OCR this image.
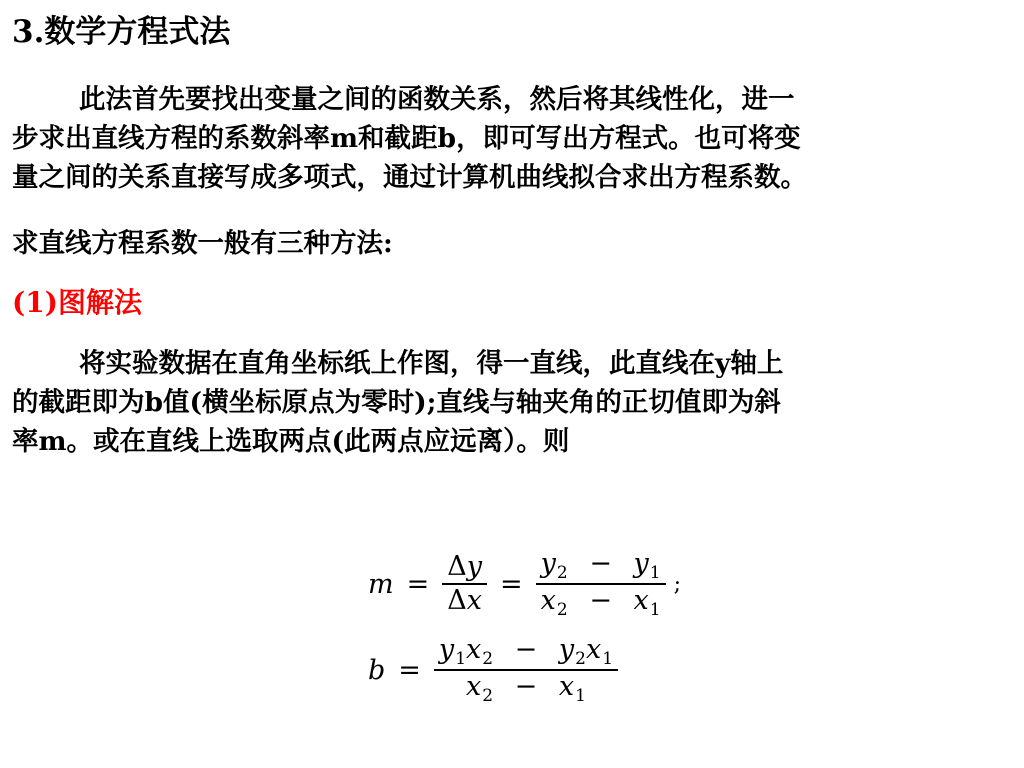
3.数学方程式法
此法首先要找出变量之间的函数关系，然后将其线性化，进一
步求出直线方程的系数斜率m和截距b，即可写出方程式。也可将变
量之间的关系直接写成多项式，通过计算机曲线拟合求出方程系数。
求直线方程系数一般有三种方法:
(1)图解法
将实验数据在直角坐标纸上作图，得一直线，此直线在y轴上
的截距即为b值(横坐标原点为零时);直线与轴夹角的正切值即为斜
率m。或在直线上选取两点(此两点应远离）。则
$m = \frac{\Delta y}{\Delta x} = \frac{y_2 - y_1}{x_2 - x_1}$ ;
$b = \frac{y_1x_2 - y_2x_1}{x_2 - x_1}$
